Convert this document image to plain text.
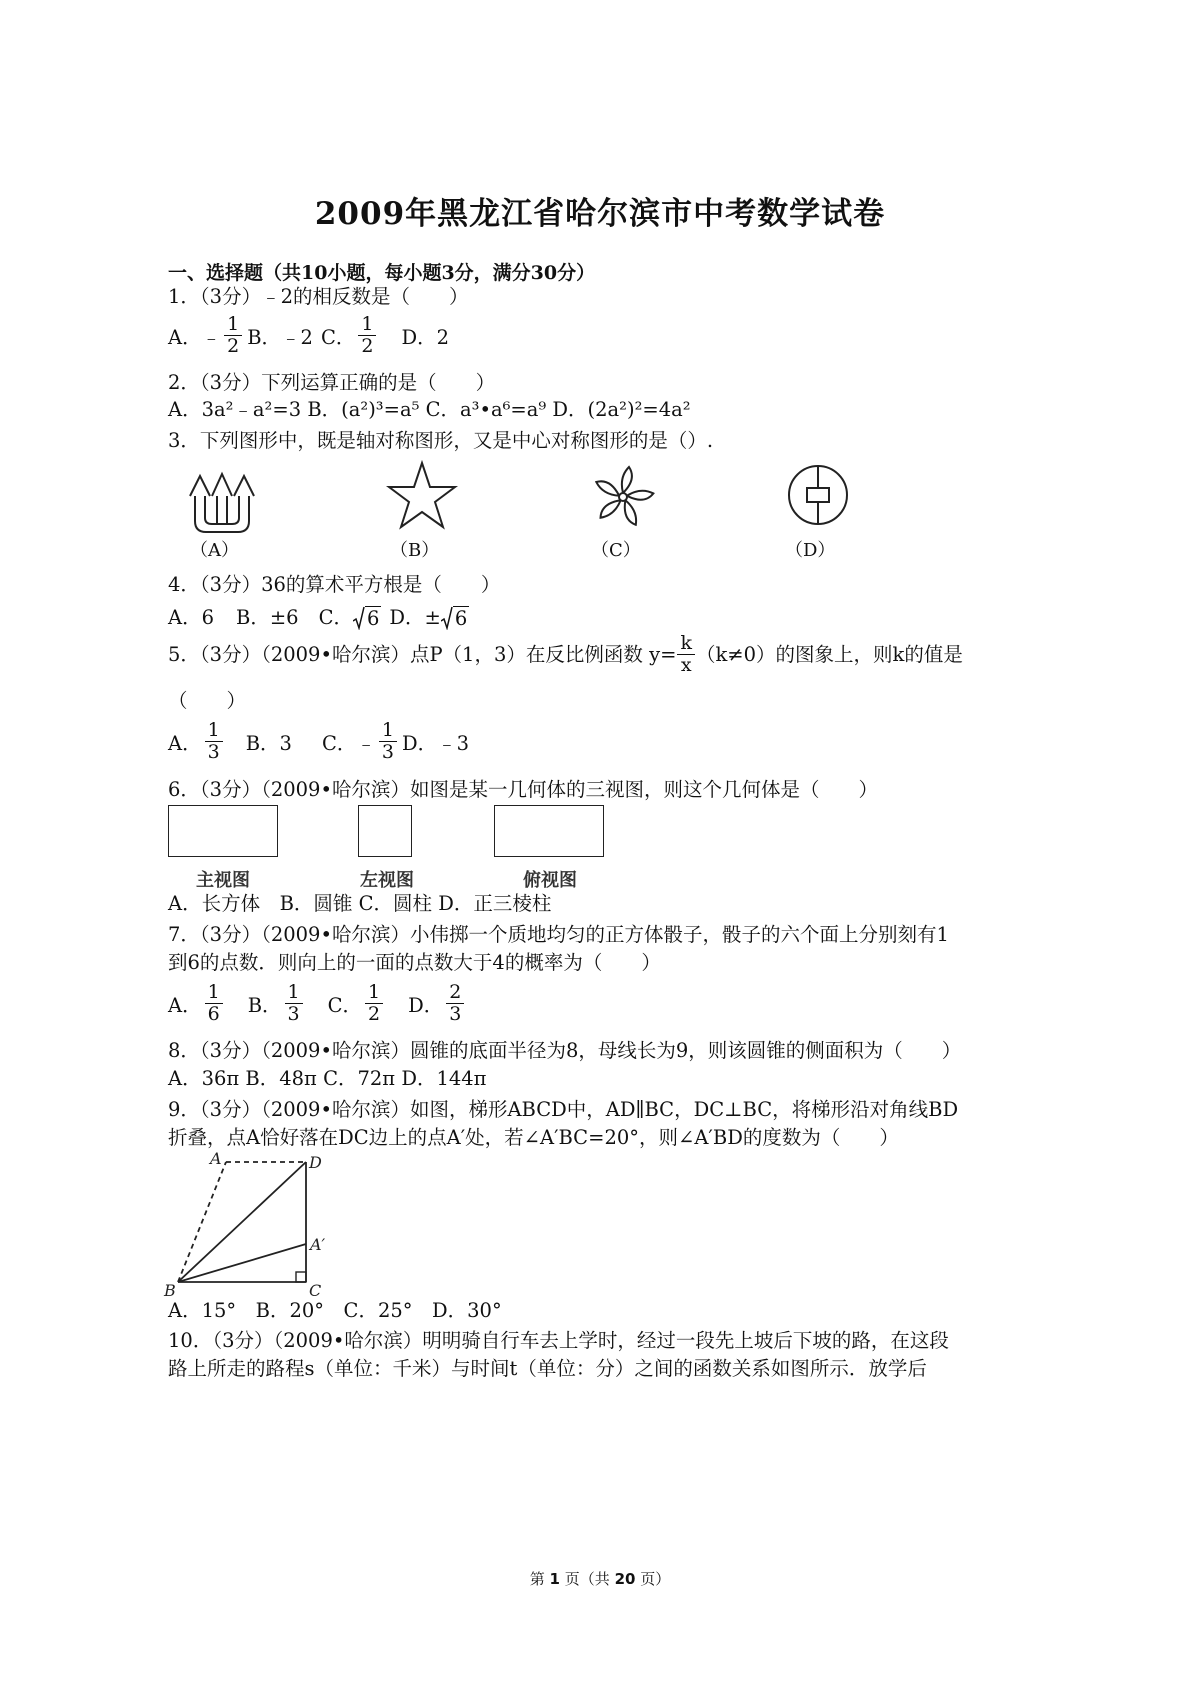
2009年黑龙江省哈尔滨市中考数学试卷
一、选择题（共10小题，每小题3分，满分30分）
1．（3分）﹣2的相反数是（　　）
A． ﹣ $\frac{1}{2}$ B．﹣2 C． $\frac{1}{2}$ D．2
2．（3分）下列运算正确的是（　　）
A．3a²﹣a²=3 B．(a²)³=a⁵ C．a³•a⁶=a⁹ D．(2a²)²=4a²
3．下列图形中，既是轴对称图形，又是中心对称图形的是（）.
（A）	（B）	（C）	（D）
4．（3分）36的算术平方根是（　　）
A．6 B．±6 C． 6 D．± 6
5．（3分）（2009•哈尔滨）点P（1，3）在反比例函数 $y= \frac{k}{x} (k\ne 0)$的图象上，则k的值是
（　　）
A． $\frac{1}{3}$ B．3 C．﹣ $\frac{1}{3}$ D．﹣3
6．（3分）（2009•哈尔滨）如图是某一几何体的三视图，则这个几何体是（　　）
主视图	左视图	俯视图
A．长方体　B．圆锥 C．圆柱 D．正三棱柱
7．（3分）（2009•哈尔滨）小伟掷一个质地均匀的正方体骰子，骰子的六个面上分别刻有1
到6的点数．则向上的一面的点数大于4的概率为（　　）
A． $\frac{1}{6}$ B． $\frac{1}{3}$ C． $\frac{1}{2}$ D． $\frac{2}{3}$
8．（3分）（2009•哈尔滨）圆锥的底面半径为8，母线长为9，则该圆锥的侧面积为（　　）
A．36π B．48π C．72π D．144π
9．（3分）（2009•哈尔滨）如图，梯形ABCD中，AD∥BC，DC⊥BC，将梯形沿对角线BD
折叠，点A恰好落在DC边上的点A′处，若∠A′BC=20°，则∠A′BD的度数为（　　）
A	D
A′
B	C
A．15°　B．20°　C．25°　D．30°
10．（3分）（2009•哈尔滨）明明骑自行车去上学时，经过一段先上坡后下坡的路，在这段
路上所走的路程s（单位：千米）与时间t（单位：分）之间的函数关系如图所示．放学后
第 1 页（共 20 页）
